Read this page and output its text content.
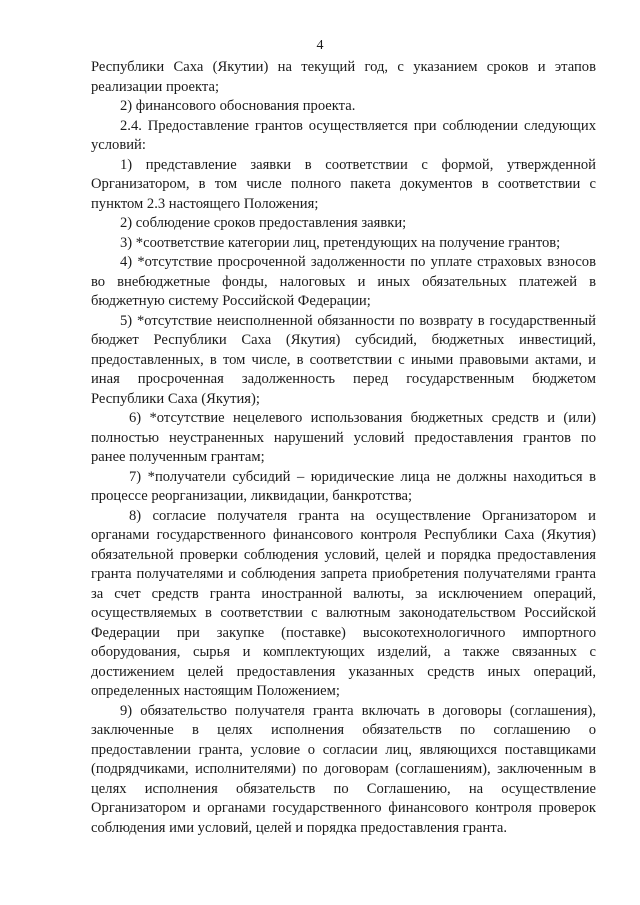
4

Республики Саха (Якутии) на текущий год, с указанием сроков и этапов реализации проекта;

2) финансового обоснования проекта.

2.4. Предоставление грантов осуществляется при соблюдении следующих условий:

1) представление заявки в соответствии с формой, утвержденной Организатором, в том числе полного пакета документов в соответствии с пунктом 2.3 настоящего Положения;

2) соблюдение сроков предоставления заявки;

3) *соответствие категории лиц, претендующих на получение грантов;

4) *отсутствие просроченной задолженности по уплате страховых взносов во внебюджетные фонды, налоговых и иных обязательных платежей в бюджетную систему Российской Федерации;

5) *отсутствие неисполненной обязанности по возврату в государственный бюджет Республики Саха (Якутия) субсидий, бюджетных инвестиций, предоставленных, в том числе, в соответствии с иными правовыми актами, и иная просроченная задолженность перед государственным бюджетом Республики Саха (Якутия);

6) *отсутствие нецелевого использования бюджетных средств и (или) полностью неустраненных нарушений условий предоставления грантов по ранее полученным грантам;

7) *получатели субсидий – юридические лица не должны находиться в процессе реорганизации, ликвидации, банкротства;

8) согласие получателя гранта на осуществление Организатором и органами государственного финансового контроля Республики Саха (Якутия) обязательной проверки соблюдения условий, целей и порядка предоставления гранта получателями и соблюдения запрета приобретения получателями гранта за счет средств гранта иностранной валюты, за исключением операций, осуществляемых в соответствии с валютным законодательством Российской Федерации при закупке (поставке) высокотехнологичного импортного оборудования, сырья и комплектующих изделий, а также связанных с достижением целей предоставления указанных средств иных операций, определенных настоящим Положением;

9) обязательство получателя гранта включать в договоры (соглашения), заключенные в целях исполнения обязательств по соглашению о предоставлении гранта, условие о согласии лиц, являющихся поставщиками (подрядчиками, исполнителями) по договорам (соглашениям), заключенным в целях исполнения обязательств по Соглашению, на осуществление Организатором и органами государственного финансового контроля проверок соблюдения ими условий, целей и порядка предоставления гранта.
